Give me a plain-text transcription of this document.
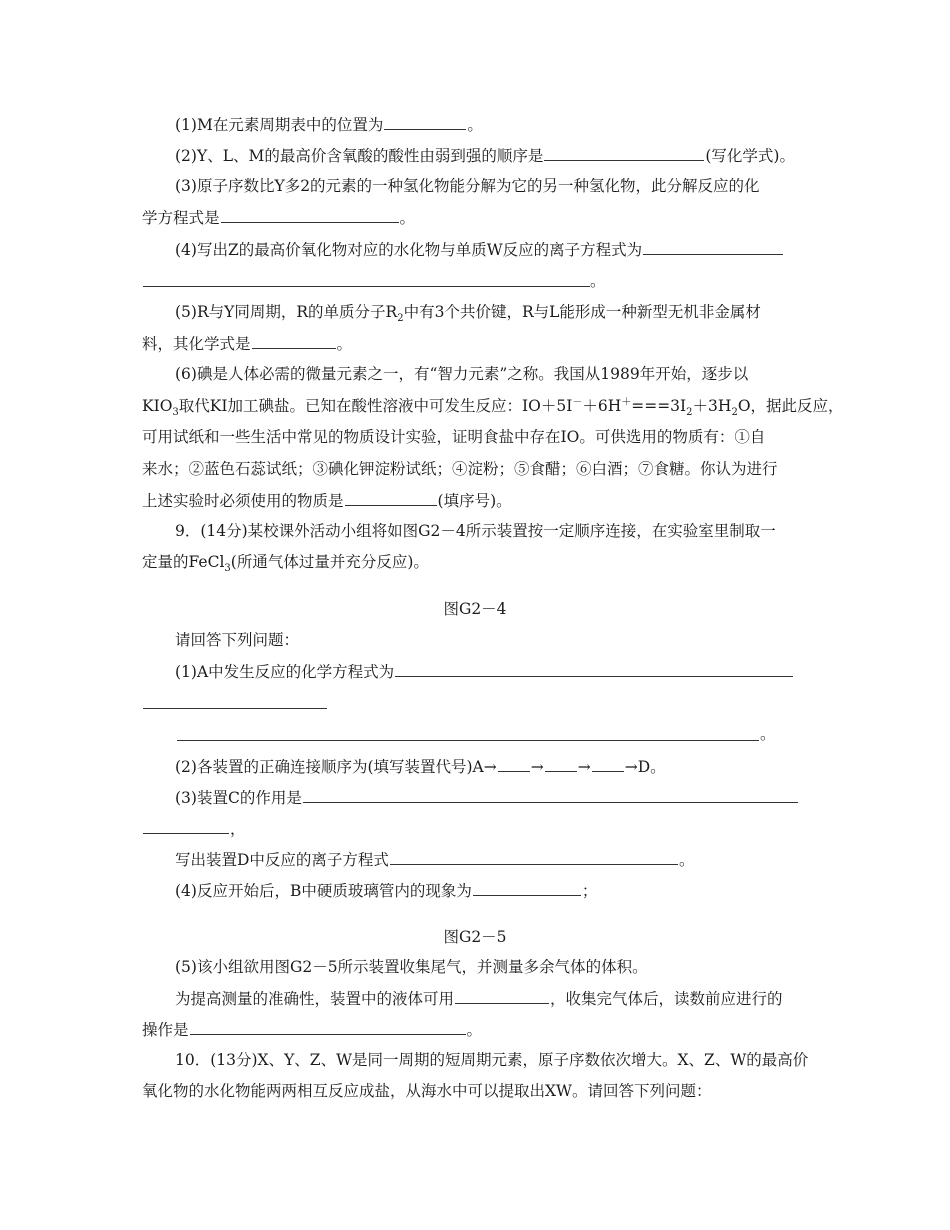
(1)M在元素周期表中的位置为	。
(2)Y、L、M的最高价含氧酸的酸性由弱到强的顺序是	(写化学式)。
(3)原子序数比Y多2的元素的一种氢化物能分解为它的另一种氢化物，此分解反应的化
学方程式是	。
(4)写出Z的最高价氧化物对应的水化物与单质W反应的离子方程式为
。
(5)R与Y同周期，R的单质分子$R_2$中有3个共价键，R与L能形成一种新型无机非金属材
料，其化学式是	。
(6)碘是人体必需的微量元素之一，有“智力元素”之称。我国从1989年开始，逐步以
$KIO_3$取代KI加工碘盐。已知在酸性溶液中可发生反应：$IO+5I^-+6H^+===3I_2+3H_2O$，据此反应，
可用试纸和一些生活中常见的物质设计实验，证明食盐中存在IO。可供选用的物质有：①自
来水；②蓝色石蕊试纸；③碘化钾淀粉试纸；④淀粉；⑤食醋；⑥白酒；⑦食糖。你认为进行
上述实验时必须使用的物质是	(填序号)。
9．(14分)某校课外活动小组将如图G2－4所示装置按一定顺序连接，在实验室里制取一
定量的FeCl$_3$(所通气体过量并充分反应)。
图G2－4
请回答下列问题：
(1)A中发生反应的化学方程式为
。
(2)各装置的正确连接顺序为(填写装置代号)A→ → → →D。
(3)装置C的作用是
，
写出装置D中反应的离子方程式	。
(4)反应开始后，B中硬质玻璃管内的现象为	；
图G2－5
(5)该小组欲用图G2－5所示装置收集尾气，并测量多余气体的体积。
为提高测量的准确性，装置中的液体可用	，收集完气体后，读数前应进行的
操作是	。
10．(13分)X、Y、Z、W是同一周期的短周期元素，原子序数依次增大。X、Z、W的最高价
氧化物的水化物能两两相互反应成盐，从海水中可以提取出XW。请回答下列问题：
